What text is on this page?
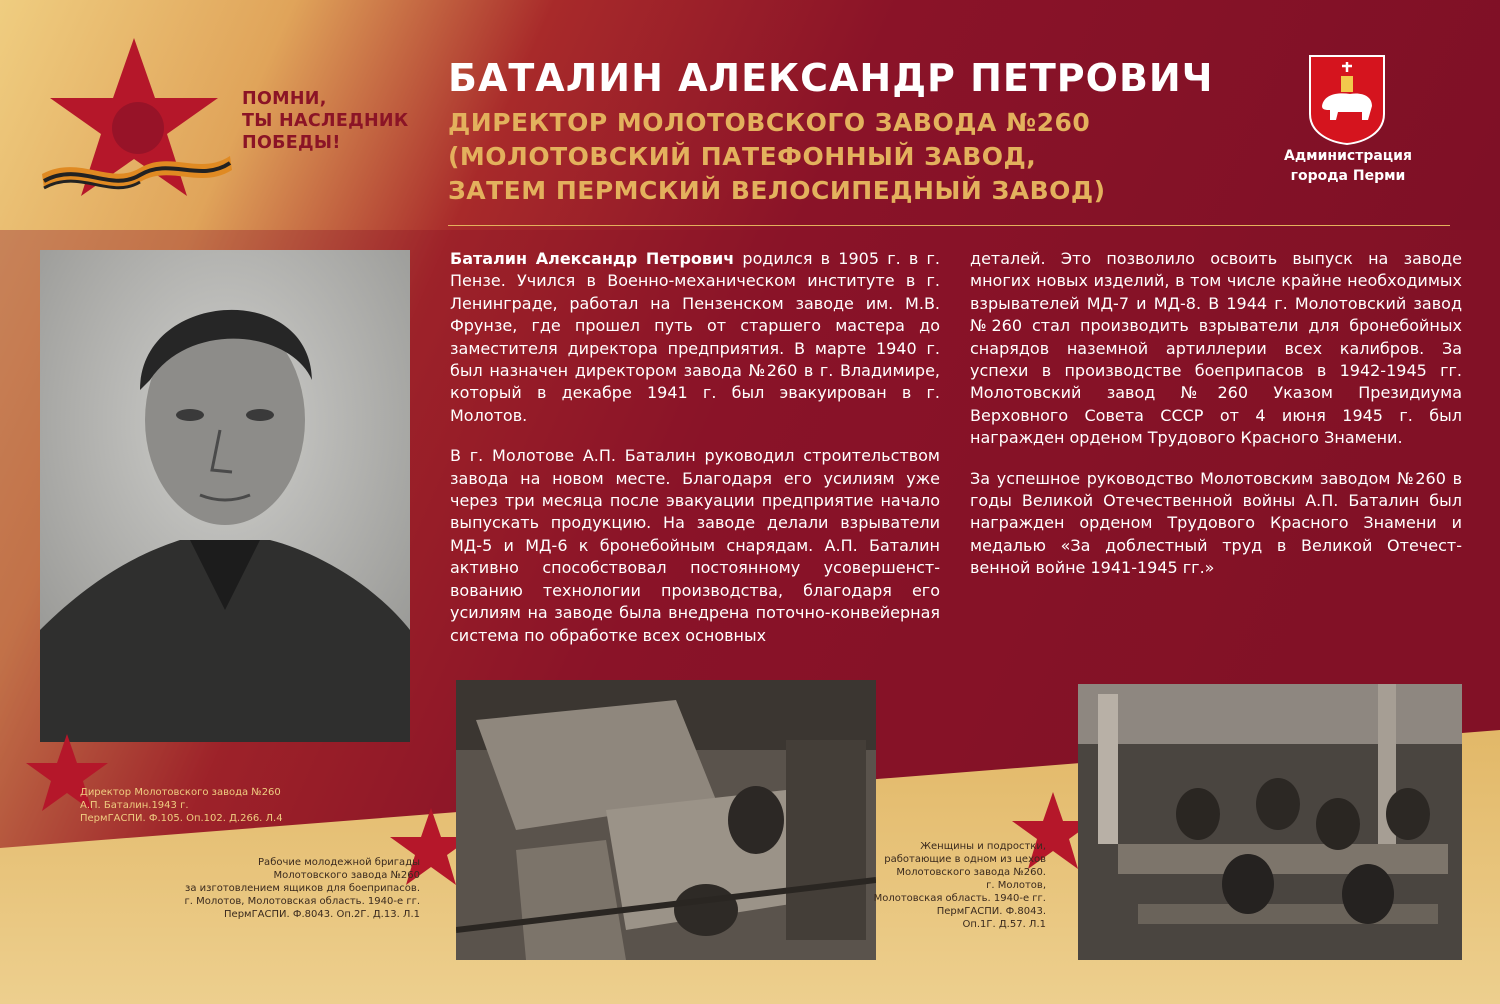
ПОМНИ,
ТЫ НАСЛЕДНИК
ПОБЕДЫ!
БАТАЛИН АЛЕКСАНДР ПЕТРОВИЧ
ДИРЕКТОР МОЛОТОВСКОГО ЗАВОДА №260
(МОЛОТОВСКИЙ ПАТЕФОННЫЙ ЗАВОД,
ЗАТЕМ ПЕРМСКИЙ ВЕЛОСИПЕДНЫЙ ЗАВОД)
Администрация
города Перми
Директор Молотовского завода №260
А.П. Баталин.1943 г.
ПермГАСПИ. Ф.105. Оп.102. Д.266. Л.4

Баталин Александр Петрович родился в 1905 г. в г. Пензе. Учился в Военно-механическом институте в г. Ленинграде, работал на Пензенском заводе им. М.В. Фрунзе, где прошел путь от старшего мастера до заместителя директора предприятия. В марте 1940 г. был назначен директором завода №260 в г. Владимире, который в декабре 1941 г. был эвакуирован в г. Молотов.

В г. Молотове А.П. Баталин руководил строительством завода на новом месте. Благодаря его усилиям уже через три месяца после эвакуации предприятие начало выпускать продукцию. На заводе делали взрыватели МД-5 и МД-6 к бронебойным снарядам. А.П. Баталин активно способствовал постоянному усовершенст-вованию технологии производства, благодаря его усилиям на заводе была внедрена поточно-конвейерная система по обработке всех основных

деталей. Это позволило освоить выпуск на заводе многих новых изделий, в том числе крайне необходимых взрывателей МД-7 и МД-8. В 1944 г. Молотовский завод №260 стал производить взрыватели для бронебойных снарядов наземной артиллерии всех калибров. За успехи в производстве боеприпасов в 1942-1945 гг. Молотовский завод №260 Указом Президиума Верховного Совета СССР от 4 июня 1945 г. был награжден орденом Трудового Красного Знамени.

За успешное руководство Молотовским заводом №260 в годы Великой Отечественной войны А.П. Баталин был награжден орденом Трудового Красного Знамени и медалью «За доблестный труд в Великой Отечест-венной войне 1941-1945 гг.»

Рабочие молодежной бригады
Молотовского завода №260
за изготовлением ящиков для боеприпасов.
г. Молотов, Молотовская область. 1940-е гг.
ПермГАСПИ. Ф.8043. Оп.2Г. Д.13. Л.1
Женщины и подростки,
работающие в одном из цехов
Молотовского завода №260.
г. Молотов,
Молотовская область. 1940-е гг.
ПермГАСПИ. Ф.8043.
Оп.1Г. Д.57. Л.1
